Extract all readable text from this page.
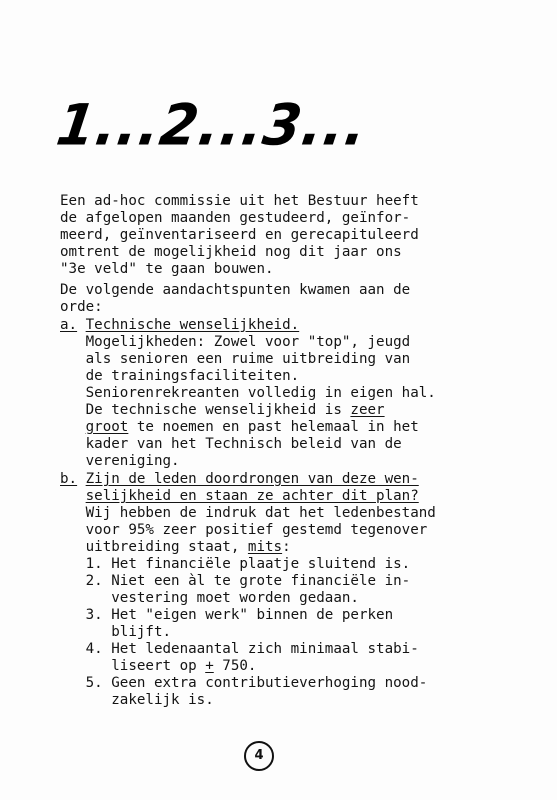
1...2...3...
Een ad-hoc commissie uit het Bestuur heeft
de afgelopen maanden gestudeerd, geïnfor-
meerd, geïnventariseerd en gerecapituleerd
omtrent de mogelijkheid nog dit jaar ons
"3e veld" te gaan bouwen.
De volgende aandachtspunten kwamen aan de
orde:
a. Technische wenselijkheid.
Mogelijkheden: Zowel voor "top", jeugd
als senioren een ruime uitbreiding van
de trainingsfaciliteiten.
Seniorenrekreanten volledig in eigen hal.
De technische wenselijkheid is zeer
groot te noemen en past helemaal in het
kader van het Technisch beleid van de
vereniging.
b. Zijn de leden doordrongen van deze wen-
selijkheid en staan ze achter dit plan?
Wij hebben de indruk dat het ledenbestand
voor 95% zeer positief gestemd tegenover
uitbreiding staat, mits:
1. Het financiële plaatje sluitend is.
2. Niet een àl te grote financiële in-
vestering moet worden gedaan.
3. Het "eigen werk" binnen de perken
blijft.
4. Het ledenaantal zich minimaal stabi-
liseert op + 750.
5. Geen extra contributieverhoging nood-
zakelijk is.
4
